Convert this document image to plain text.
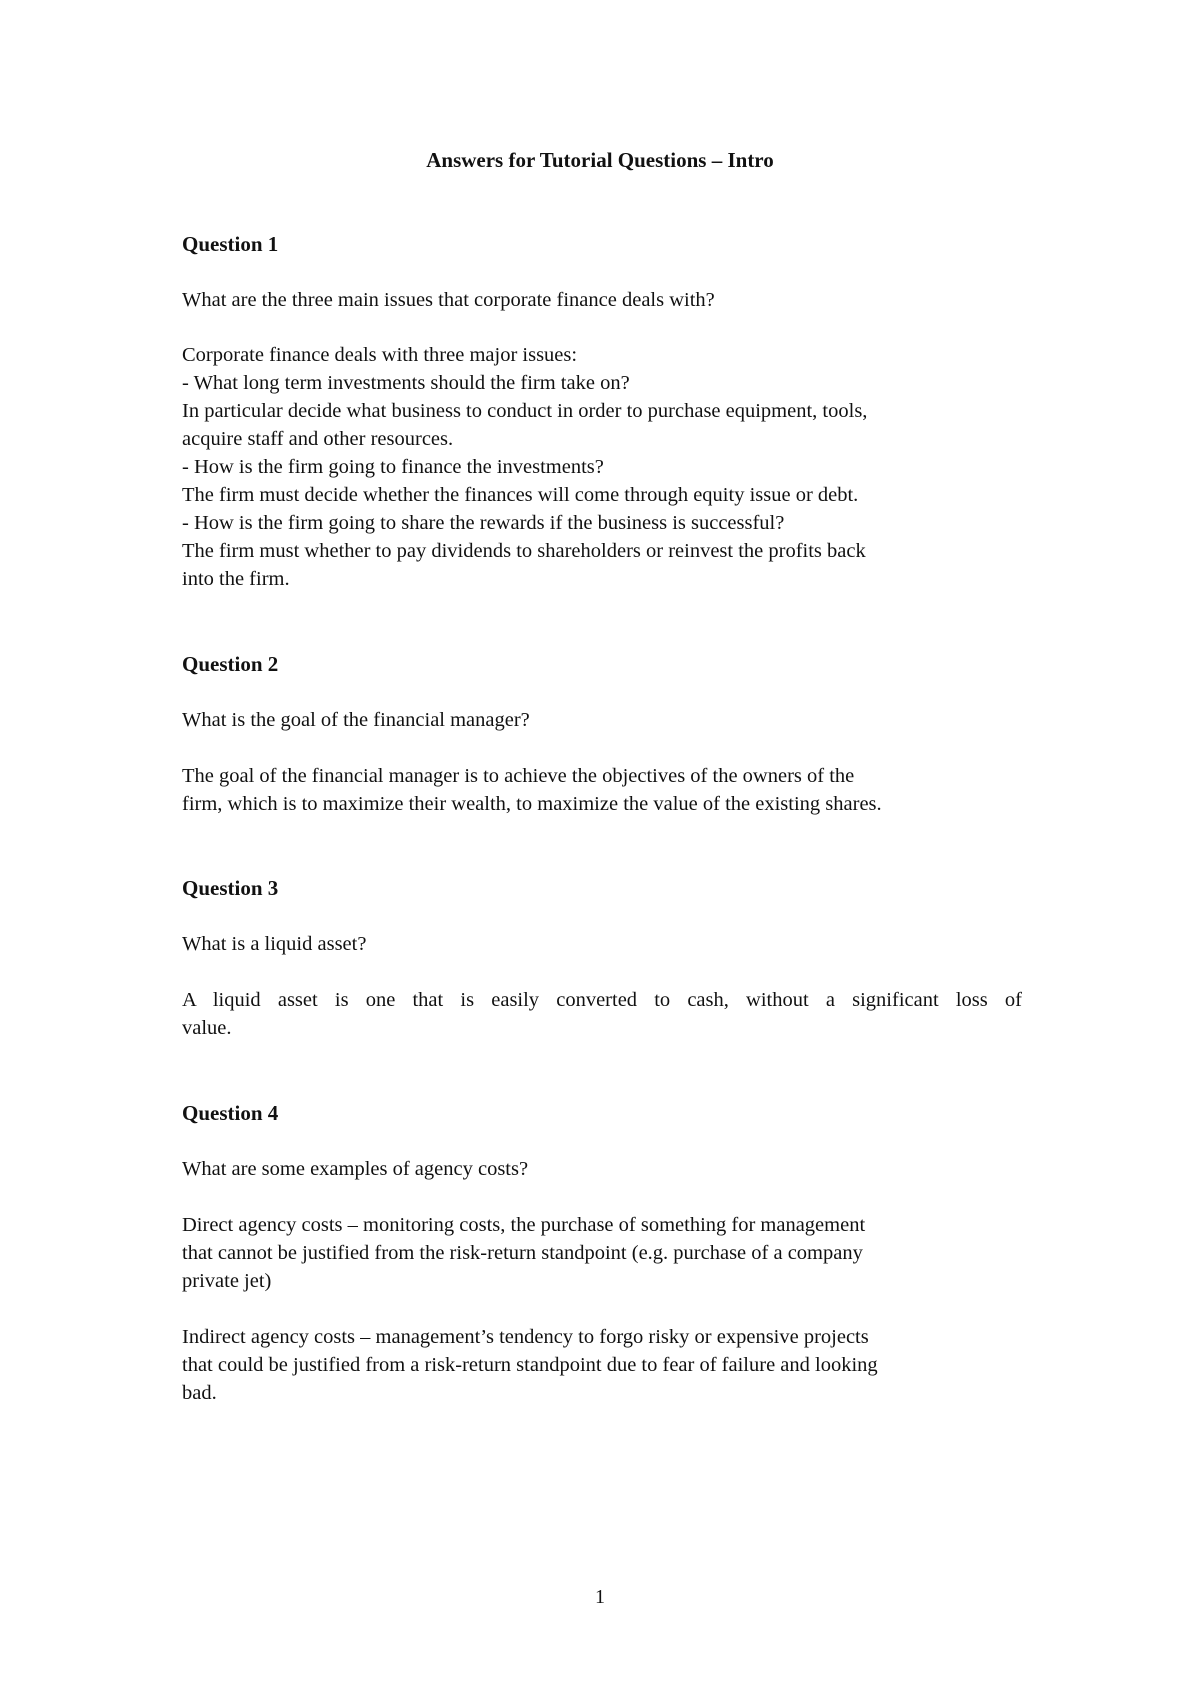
Answers for Tutorial Questions – Intro
Question 1
What are the three main issues that corporate finance deals with?
Corporate finance deals with three major issues:
- What long term investments should the firm take on?
In particular decide what business to conduct in order to purchase equipment, tools,
acquire staff and other resources.
- How is the firm going to finance the investments?
The firm must decide whether the finances will come through equity issue or debt.
- How is the firm going to share the rewards if the business is successful?
The firm must whether to pay dividends to shareholders or reinvest the profits back
into the firm.
Question 2
What is the goal of the financial manager?
The goal of the financial manager is to achieve the objectives of the owners of the
firm, which is to maximize their wealth, to maximize the value of the existing shares.
Question 3
What is a liquid asset?
A liquid asset is one that is easily converted to cash, without a significant loss of
value.
Question 4
What are some examples of agency costs?
Direct agency costs – monitoring costs, the purchase of something for management
that cannot be justified from the risk-return standpoint (e.g. purchase of a company
private jet)
Indirect agency costs – management’s tendency to forgo risky or expensive projects
that could be justified from a risk-return standpoint due to fear of failure and looking
bad.
1
